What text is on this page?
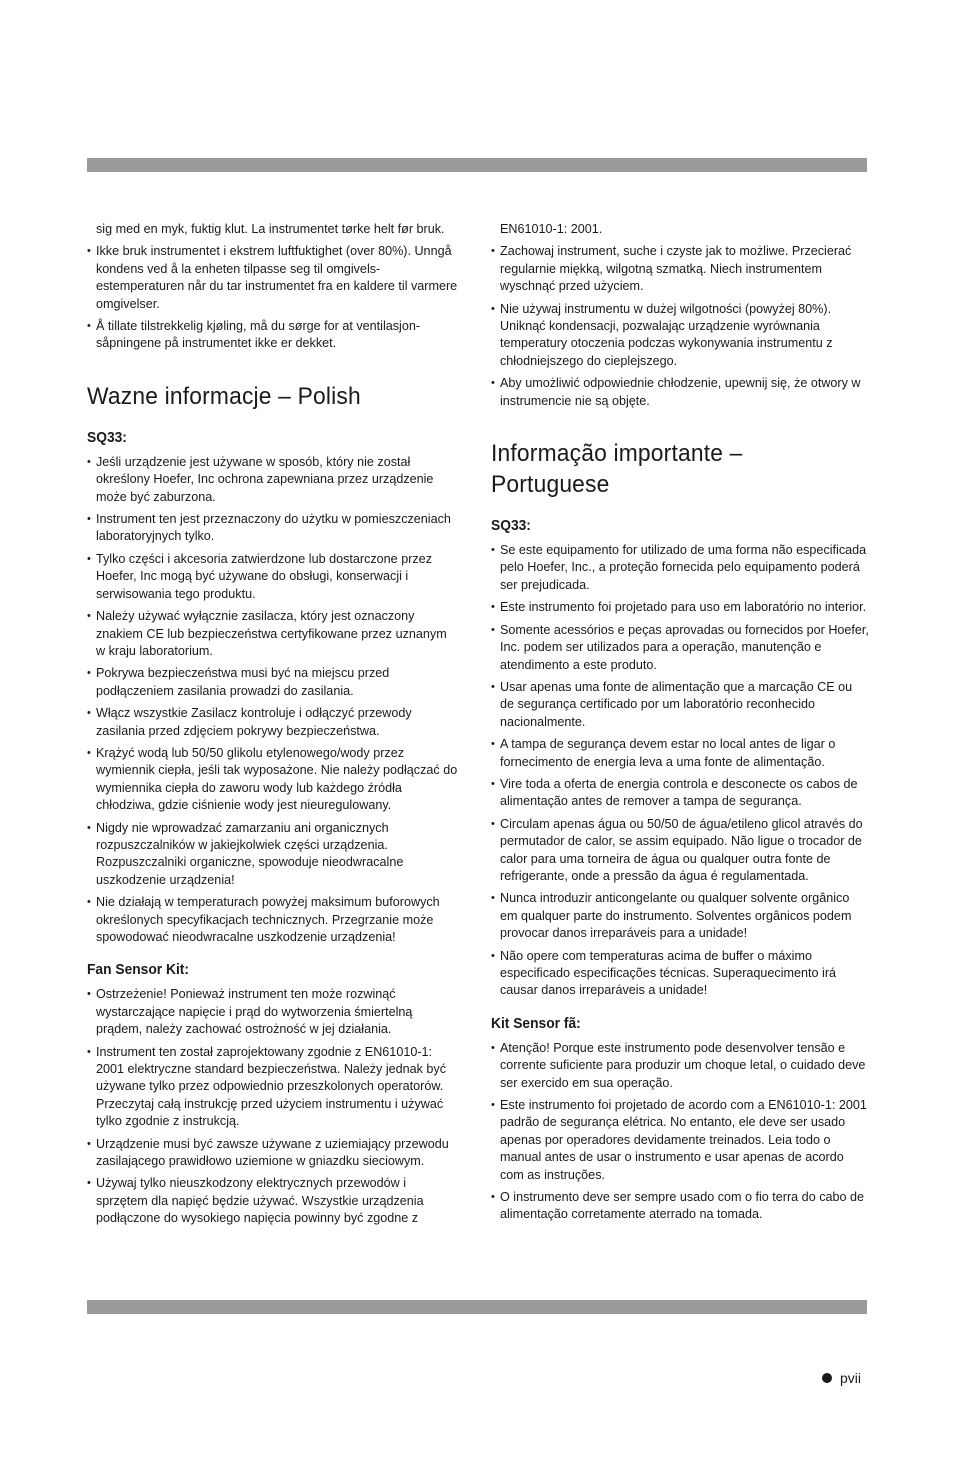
sig med en myk, fuktig klut. La instrumentet tørke helt før bruk.

• Ikke bruk instrumentet i ekstrem luftfuktighet (over 80%). Unngå kondens ved å la enheten tilpasse seg til omgivelsestemperaturen når du tar instrumentet fra en kaldere til varmere omgivelser.
• Å tillate tilstrekkelig kjøling, må du sørge for at ventilasjonsåpningene på instrumentet ikke er dekket.
Wazne informacje – Polish
SQ33:
• Jeśli urządzenie jest używane w sposób, który nie został określony Hoefer, Inc ochrona zapewniana przez urządzenie może być zaburzona.
• Instrument ten jest przeznaczony do użytku w pomieszczeniach laboratoryjnych tylko.
• Tylko części i akcesoria zatwierdzone lub dostarczone przez Hoefer, Inc mogą być używane do obsługi, konserwacji i serwisowania tego produktu.
• Należy używać wyłącznie zasilacza, który jest oznaczony znakiem CE lub bezpieczeństwa certyfikowane przez uznanym w kraju laboratorium.
• Pokrywa bezpieczeństwa musi być na miejscu przed podłączeniem zasilania prowadzi do zasilania.
• Włącz wszystkie Zasilacz kontroluje i odłączyć przewody zasilania przed zdjęciem pokrywy bezpieczeństwa.
• Krążyć wodą lub 50/50 glikolu etylenowego/wody przez wymiennik ciepła, jeśli tak wyposażone. Nie należy podłączać do wymiennika ciepła do zaworu wody lub każdego źródła chłodziwa, gdzie ciśnienie wody jest nieuregulowany.
• Nigdy nie wprowadzać zamarzaniu ani organicznych rozpuszczalników w jakiejkolwiek części urządzenia. Rozpuszczalniki organiczne, spowoduje nieodwracalne uszkodzenie urządzenia!
• Nie działają w temperaturach powyżej maksimum buforowych określonych specyfikacjach technicznych. Przegrzanie może spowodować nieodwracalne uszkodzenie urządzenia!
Fan Sensor Kit:
• Ostrzeżenie! Ponieważ instrument ten może rozwinąć wystarczające napięcie i prąd do wytworzenia śmiertelną prądem, należy zachować ostrożność w jej działania.
• Instrument ten został zaprojektowany zgodnie z EN61010-1: 2001 elektryczne standard bezpieczeństwa. Należy jednak być używane tylko przez odpowiednio przeszkolonych operatorów. Przeczytaj całą instrukcję przed użyciem instrumentu i używać tylko zgodnie z instrukcją.
• Urządzenie musi być zawsze używane z uziemiający przewodu zasilającego prawidłowo uziemione w gniazdku sieciowym.
• Używaj tylko nieuszkodzony elektrycznych przewodów i sprzętem dla napięć będzie używać. Wszystkie urządzenia podłączone do wysokiego napięcia powinny być zgodne z

EN61010-1: 2001.

• Zachowaj instrument, suche i czyste jak to możliwe. Przecierać regularnie miękką, wilgotną szmatką. Niech instrumentem wyschnąć przed użyciem.
• Nie używaj instrumentu w dużej wilgotności (powyżej 80%). Uniknąć kondensacji, pozwalając urządzenie wyrównania temperatury otoczenia podczas wykonywania instrumentu z chłodniejszego do cieplejszego.
• Aby umożliwić odpowiednie chłodzenie, upewnij się, że otwory w instrumencie nie są objęte.
Informação importante – Portuguese
SQ33:
• Se este equipamento for utilizado de uma forma não especificada pelo Hoefer, Inc., a proteção fornecida pelo equipamento poderá ser prejudicada.
• Este instrumento foi projetado para uso em laboratório no interior.
• Somente acessórios e peças aprovadas ou fornecidos por Hoefer, Inc. podem ser utilizados para a operação, manutenção e atendimento a este produto.
• Usar apenas uma fonte de alimentação que a marcação CE ou de segurança certificado por um laboratório reconhecido nacionalmente.
• A tampa de segurança devem estar no local antes de ligar o fornecimento de energia leva a uma fonte de alimentação.
• Vire toda a oferta de energia controla e desconecte os cabos de alimentação antes de remover a tampa de segurança.
• Circulam apenas água ou 50/50 de água/etileno glicol através do permutador de calor, se assim equipado. Não ligue o trocador de calor para uma torneira de água ou qualquer outra fonte de refrigerante, onde a pressão da água é regulamentada.
• Nunca introduzir anticongelante ou qualquer solvente orgânico em qualquer parte do instrumento. Solventes orgânicos podem provocar danos irreparáveis para a unidade!
• Não opere com temperaturas acima de buffer o máximo especificado especificações técnicas. Superaquecimento irá causar danos irreparáveis a unidade!
Kit Sensor fã:
• Atenção! Porque este instrumento pode desenvolver tensão e corrente suficiente para produzir um choque letal, o cuidado deve ser exercido em sua operação.
• Este instrumento foi projetado de acordo com a EN61010-1: 2001 padrão de segurança elétrica. No entanto, ele deve ser usado apenas por operadores devidamente treinados. Leia todo o manual antes de usar o instrumento e usar apenas de acordo com as instruções.
• O instrumento deve ser sempre usado com o fio terra do cabo de alimentação corretamente aterrado na tomada.
pvii
